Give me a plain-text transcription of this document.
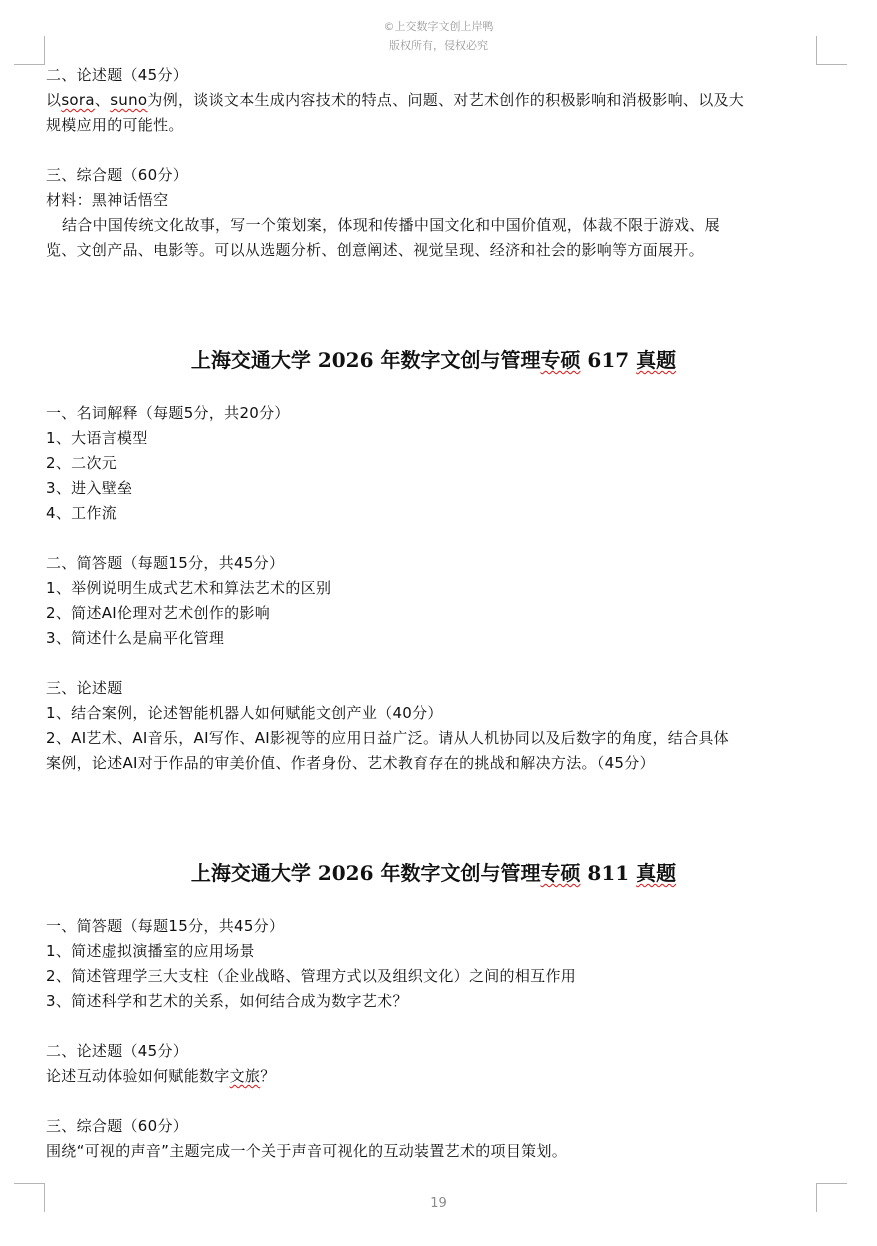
©上交数字文创上岸鸭
版权所有，侵权必究
二、论述题（45分）
以sora、suno为例，谈谈文本生成内容技术的特点、问题、对艺术创作的积极影响和消极影响、以及大
规模应用的可能性。
三、综合题（60分）
材料：黑神话悟空
结合中国传统文化故事，写一个策划案，体现和传播中国文化和中国价值观，体裁不限于游戏、展
览、文创产品、电影等。可以从选题分析、创意阐述、视觉呈现、经济和社会的影响等方面展开。
上海交通大学 2026 年数字文创与管理专硕 617 真题
一、名词解释（每题5分，共20分）
1、大语言模型
2、二次元
3、进入壁垒
4、工作流
二、简答题（每题15分，共45分）
1、举例说明生成式艺术和算法艺术的区别
2、简述AI伦理对艺术创作的影响
3、简述什么是扁平化管理
三、论述题
1、结合案例，论述智能机器人如何赋能文创产业（40分）
2、AI艺术、AI音乐，AI写作、AI影视等的应用日益广泛。请从人机协同以及后数字的角度，结合具体
案例，论述AI对于作品的审美价值、作者身份、艺术教育存在的挑战和解决方法。（45分）
上海交通大学 2026 年数字文创与管理专硕 811 真题
一、简答题（每题15分，共45分）
1、简述虚拟演播室的应用场景
2、简述管理学三大支柱（企业战略、管理方式以及组织文化）之间的相互作用
3、简述科学和艺术的关系，如何结合成为数字艺术？
二、论述题（45分）
论述互动体验如何赋能数字文旅？
三、综合题（60分）
围绕“可视的声音”主题完成一个关于声音可视化的互动装置艺术的项目策划。
19
